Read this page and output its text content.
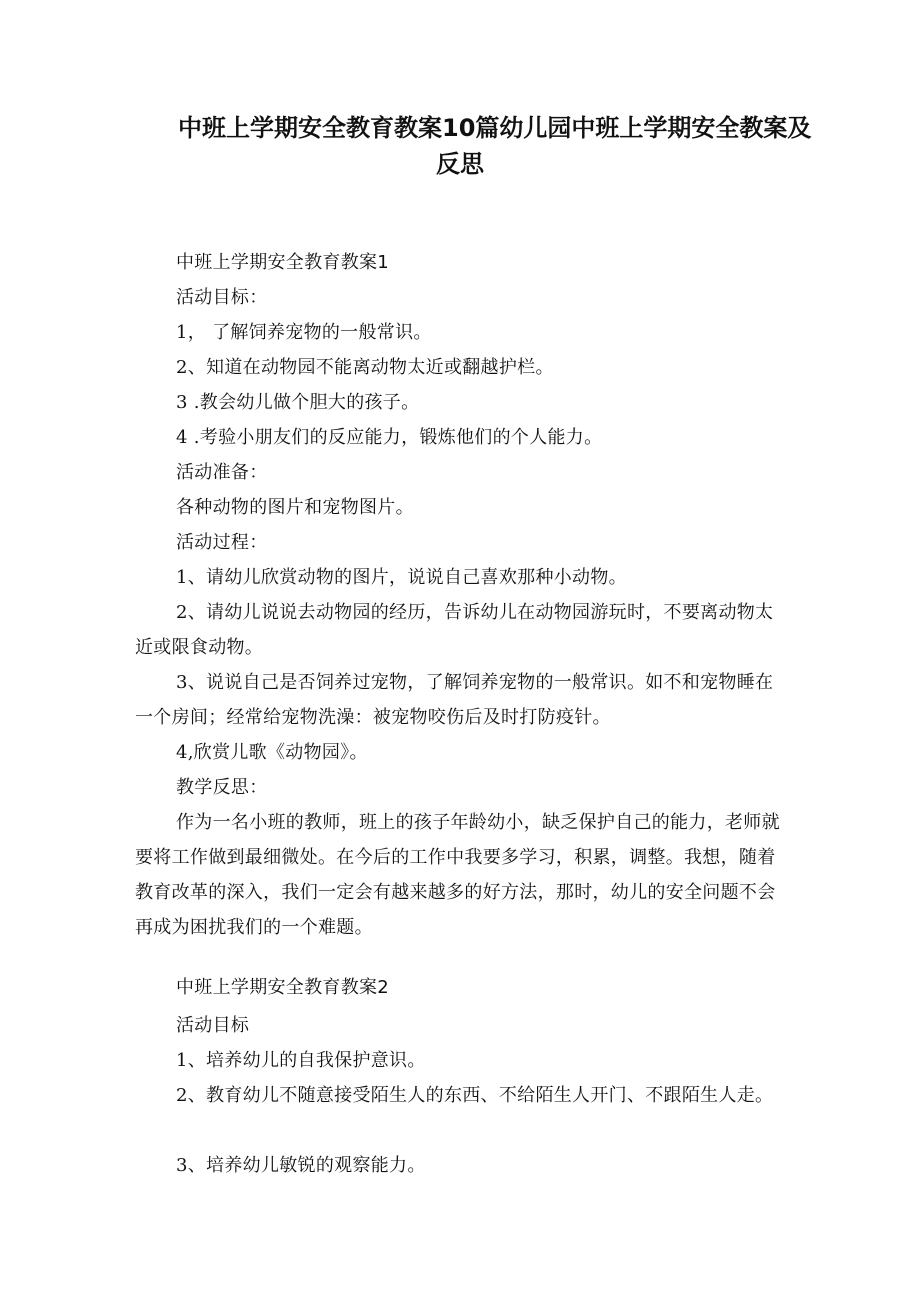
中班上学期安全教育教案10篇幼儿园中班上学期安全教案及
反思

中班上学期安全教育教案1

活动目标：

1， 了解饲养宠物的一般常识。

2、知道在动物园不能离动物太近或翻越护栏。

3 .教会幼儿做个胆大的孩子。

4 .考验小朋友们的反应能力，锻炼他们的个人能力。

活动准备：

各种动物的图片和宠物图片。

活动过程：

1、请幼儿欣赏动物的图片，说说自己喜欢那种小动物。

2、请幼儿说说去动物园的经历，告诉幼儿在动物园游玩时，不要离动物太近或限食动物。

3、说说自己是否饲养过宠物，了解饲养宠物的一般常识。如不和宠物睡在一个房间；经常给宠物洗澡：被宠物咬伤后及时打防疫针。

4,欣赏儿歌《动物园》。

教学反思：

作为一名小班的教师，班上的孩子年龄幼小，缺乏保护自己的能力，老师就要将工作做到最细微处。在今后的工作中我要多学习，积累，调整。我想，随着教育改革的深入，我们一定会有越来越多的好方法，那时，幼儿的安全问题不会再成为困扰我们的一个难题。

中班上学期安全教育教案2

活动目标

1、培养幼儿的自我保护意识。

2、教育幼儿不随意接受陌生人的东西、不给陌生人开门、不跟陌生人走。

3、培养幼儿敏锐的观察能力。
